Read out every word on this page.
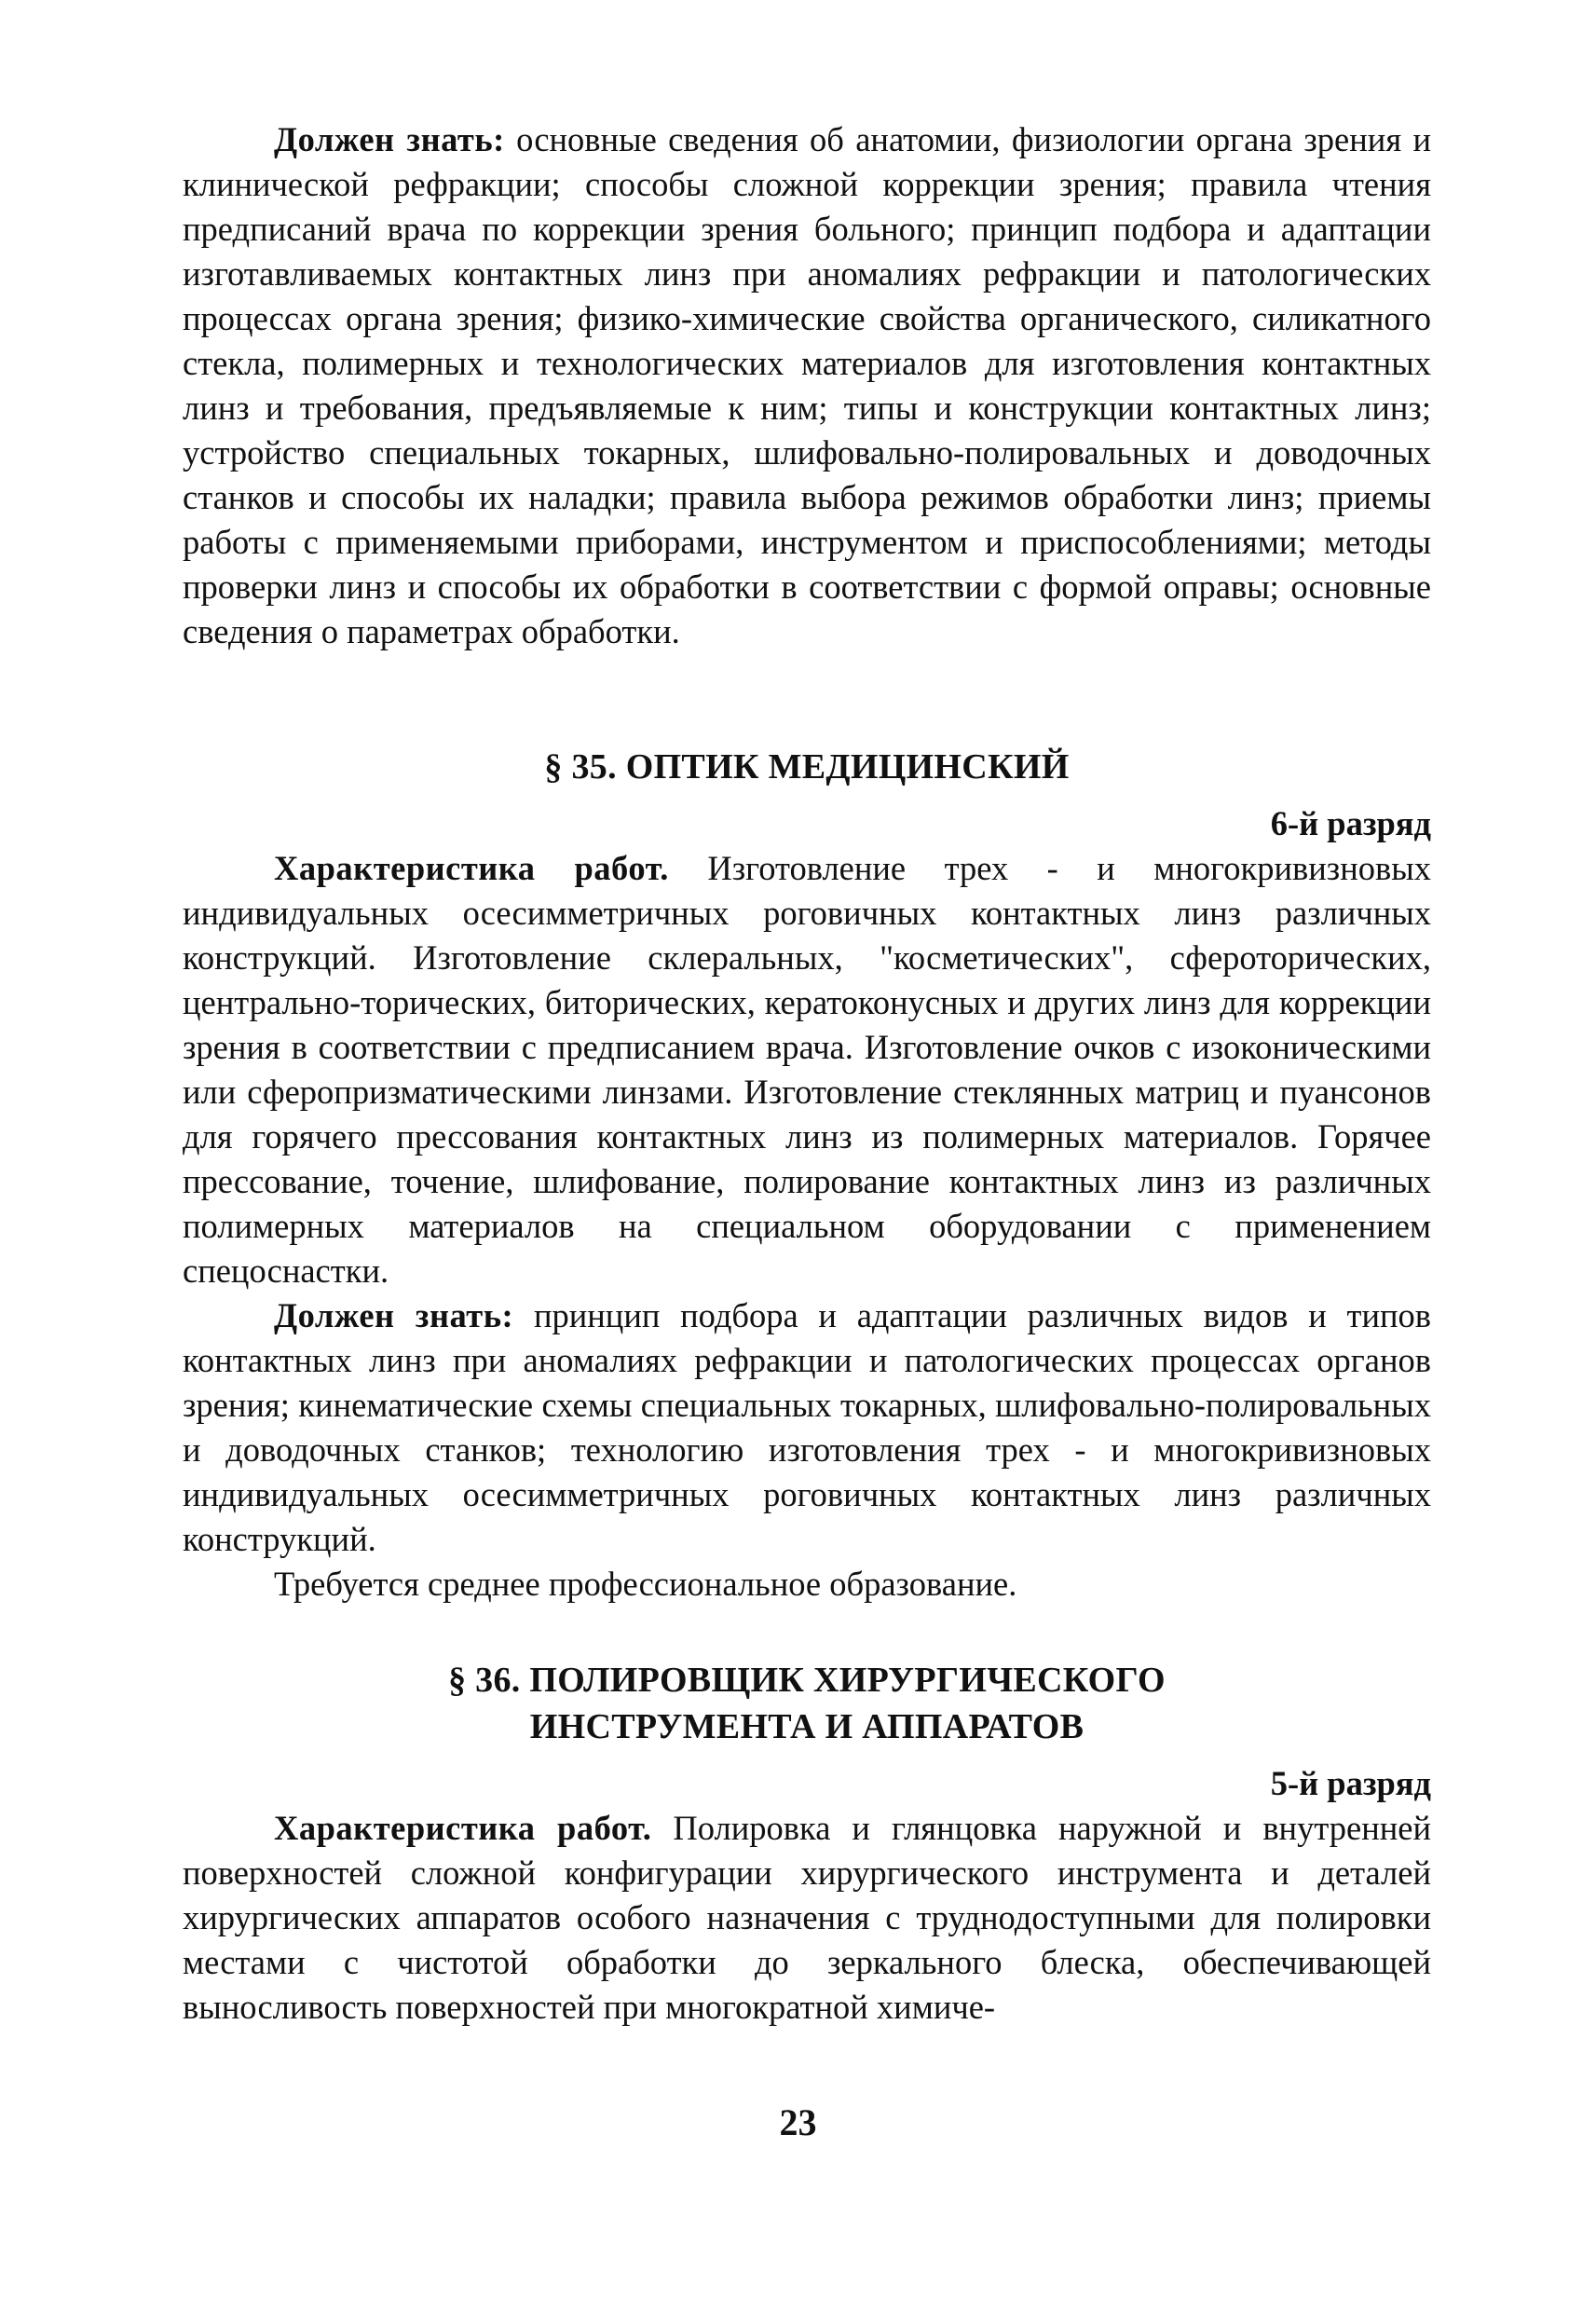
Должен знать: основные сведения об анатомии, физиологии органа зрения и клинической рефракции; способы сложной коррекции зрения; правила чтения предписаний врача по коррекции зрения больного; принцип подбора и адаптации изготавливаемых контактных линз при аномалиях рефракции и патологических процессах органа зрения; физико-химические свойства органического, силикатного стекла, полимерных и технологических материалов для изготовления контактных линз и требования, предъявляемые к ним; типы и конструкции контактных линз; устройство специальных токарных, шлифовально-полировальных и доводочных станков и способы их наладки; правила выбора режимов обработки линз; приемы работы с применяемыми приборами, инструментом и приспособлениями; методы проверки линз и способы их обработки в соответствии с формой оправы; основные сведения о параметрах обработки.

§ 35. ОПТИК МЕДИЦИНСКИЙ

6-й разряд

Характеристика работ. Изготовление трех - и многокривизновых индивидуальных осесимметричных роговичных контактных линз различных конструкций. Изготовление склеральных, "косметических", сфероторических, центрально-торических, биторических, кератоконусных и других линз для коррекции зрения в соответствии с предписанием врача. Изготовление очков с изоконическими или сферопризматическими линзами. Изготовление стеклянных матриц и пуансонов для горячего прессования контактных линз из полимерных материалов. Горячее прессование, точение, шлифование, полирование контактных линз из различных полимерных материалов на специальном оборудовании с применением спецоснастки.

Должен знать: принцип подбора и адаптации различных видов и типов контактных линз при аномалиях рефракции и патологических процессах органов зрения; кинематические схемы специальных токарных, шлифовально-полировальных и доводочных станков; технологию изготовления трех - и многокривизновых индивидуальных осесимметричных роговичных контактных линз различных конструкций.

Требуется среднее профессиональное образование.

§ 36. ПОЛИРОВЩИК ХИРУРГИЧЕСКОГО

ИНСТРУМЕНТА И АППАРАТОВ

5-й разряд

Характеристика работ. Полировка и глянцовка наружной и внутренней поверхностей сложной конфигурации хирургического инструмента и деталей хирургических аппаратов особого назначения с труднодоступными для полировки местами с чистотой обработки до зеркального блеска, обеспечивающей выносливость поверхностей при многократной химиче-

23
